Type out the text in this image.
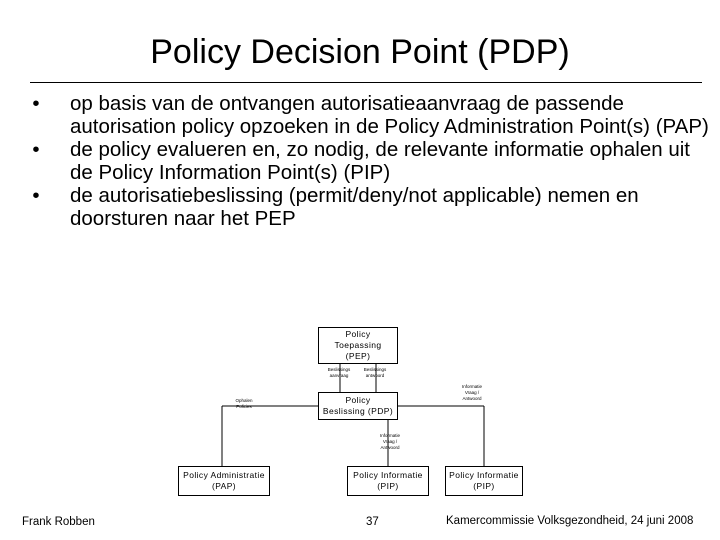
Policy Decision Point (PDP)
•	op basis van de ontvangen autorisatieaanvraag de passende autorisation policy opzoeken in de Policy Administration Point(s) (PAP)
•	de policy evalueren en, zo nodig, de relevante informatie ophalen uit de Policy Information Point(s) (PIP)
•	de autorisatiebeslissing (permit/deny/not applicable) nemen en doorsturen naar het PEP
Policy
Toepassing
(PEP)
Policy
Beslissing (PDP)
Policy Administratie
(PAP)
Policy Informatie
(PIP)
Policy Informatie
(PIP)
Beslissings
aanvraag
Beslissings
antwoord
Ophalen
Policies
Informatie
Vraag /
Antwoord
Informatie
Vraag /
Antwoord
Frank Robben	37	Kamercommissie Volksgezondheid, 24 juni 2008
